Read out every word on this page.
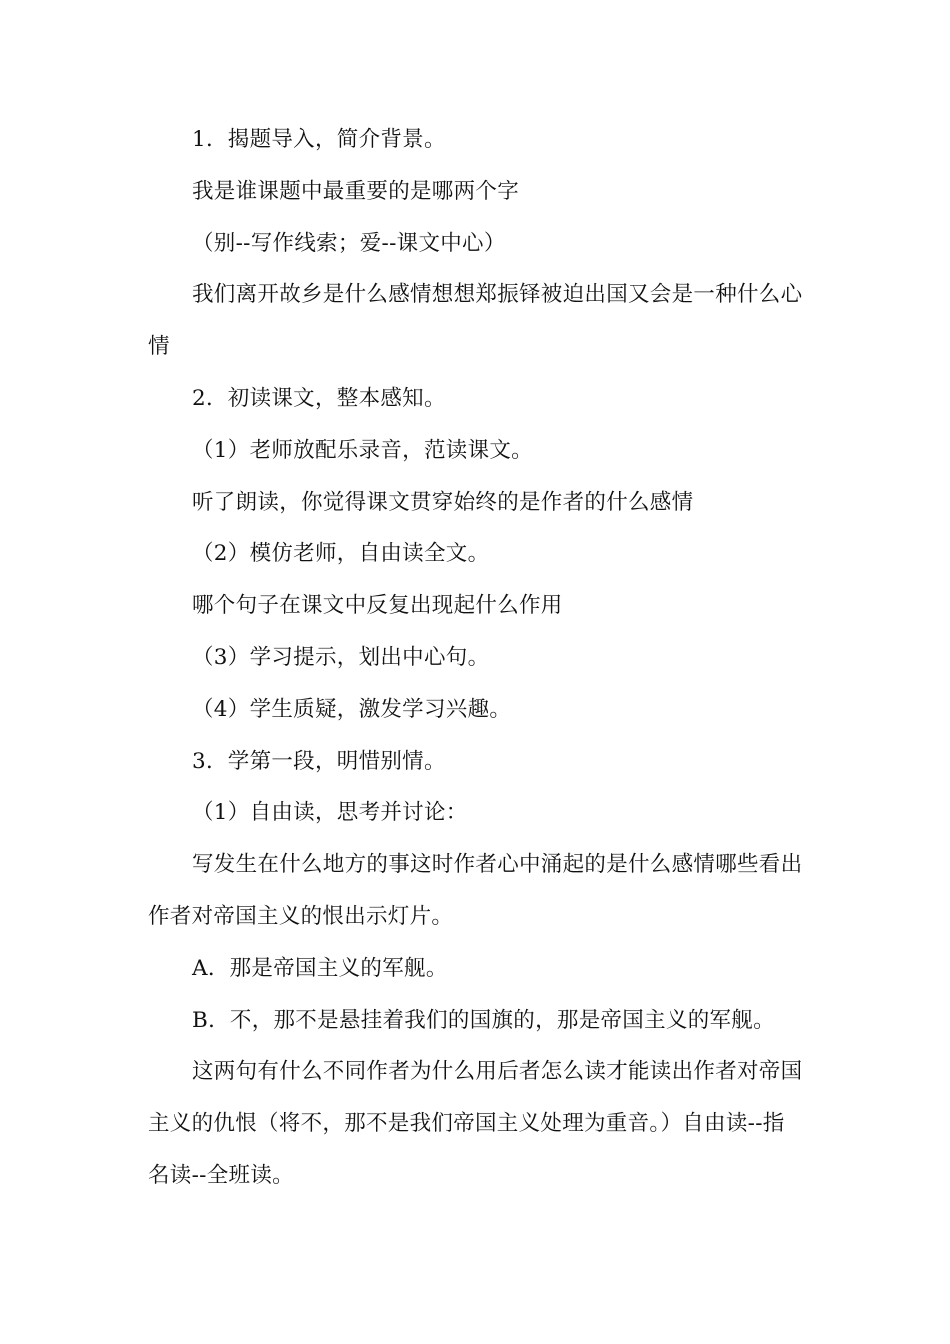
1．揭题导入，简介背景。

我是谁课题中最重要的是哪两个字

（别--写作线索；爱--课文中心）

我们离开故乡是什么感情想想郑振铎被迫出国又会是一种什么心情

2．初读课文，整本感知。

（1）老师放配乐录音，范读课文。

听了朗读，你觉得课文贯穿始终的是作者的什么感情

（2）模仿老师，自由读全文。

哪个句子在课文中反复出现起什么作用

（3）学习提示，划出中心句。

（4）学生质疑，激发学习兴趣。

3．学第一段，明惜别情。

（1）自由读，思考并讨论：

写发生在什么地方的事这时作者心中涌起的是什么感情哪些看出作者对帝国主义的恨出示灯片。

A．那是帝国主义的军舰。

B．不，那不是悬挂着我们的国旗的，那是帝国主义的军舰。

这两句有什么不同作者为什么用后者怎么读才能读出作者对帝国主义的仇恨（将不，那不是我们帝国主义处理为重音。）自由读--指名读--全班读。
